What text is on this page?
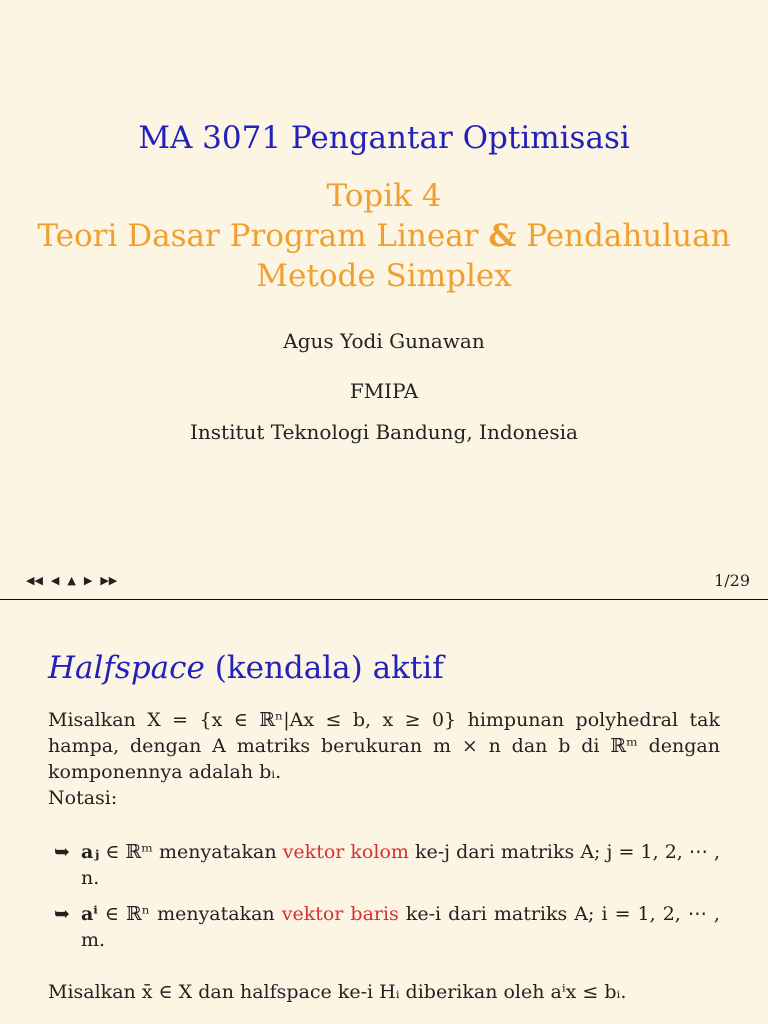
MA 3071 Pengantar Optimisasi
Topik 4
Teori Dasar Program Linear & Pendahuluan
Metode Simplex
Agus Yodi Gunawan
FMIPA
Institut Teknologi Bandung, Indonesia
◀◀ ◀ ▲ ▶ ▶▶	1/29
Halfspace (kendala) aktif
Misalkan X = {x ∈ ℝⁿ|Ax ≤ b, x ≥ 0} himpunan polyhedral tak hampa, dengan A matriks berukuran m × n dan b di ℝᵐ dengan komponennya adalah bᵢ.
Notasi:
➥ aⱼ ∈ ℝᵐ menyatakan vektor kolom ke-j dari matriks A; j = 1, 2, ⋯ , n.
➥ aⁱ ∈ ℝⁿ menyatakan vektor baris ke-i dari matriks A; i = 1, 2, ⋯ , m.
Misalkan x̄ ∈ X dan halfspace ke-i Hᵢ diberikan oleh aⁱx ≤ bᵢ.
